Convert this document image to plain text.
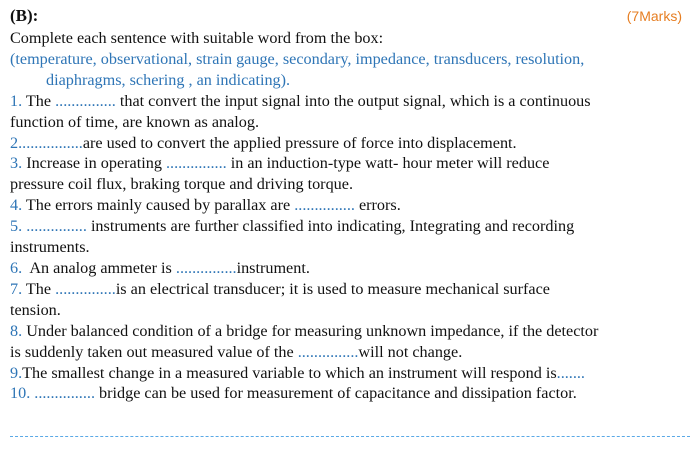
(B):	(7Marks)
Complete each sentence with suitable word from the box:
(temperature, observational, strain gauge, secondary, impedance, transducers, resolution,
diaphragms, schering , an indicating).
1. The ............... that convert the input signal into the output signal, which is a continuous
function of time, are known as analog.
2................are used to convert the applied pressure of force into displacement.
3. Increase in operating ............... in an induction-type watt- hour meter will reduce
pressure coil flux, braking torque and driving torque.
4. The errors mainly caused by parallax are ............... errors.
5. ............... instruments are further classified into indicating, Integrating and recording
instruments.
6.  An analog ammeter is ...............instrument.
7. The ...............is an electrical transducer; it is used to measure mechanical surface
tension.
8. Under balanced condition of a bridge for measuring unknown impedance, if the detector
is suddenly taken out measured value of the ...............will not change.
9.The smallest change in a measured variable to which an instrument will respond is.......
10. ............... bridge can be used for measurement of capacitance and dissipation factor.
